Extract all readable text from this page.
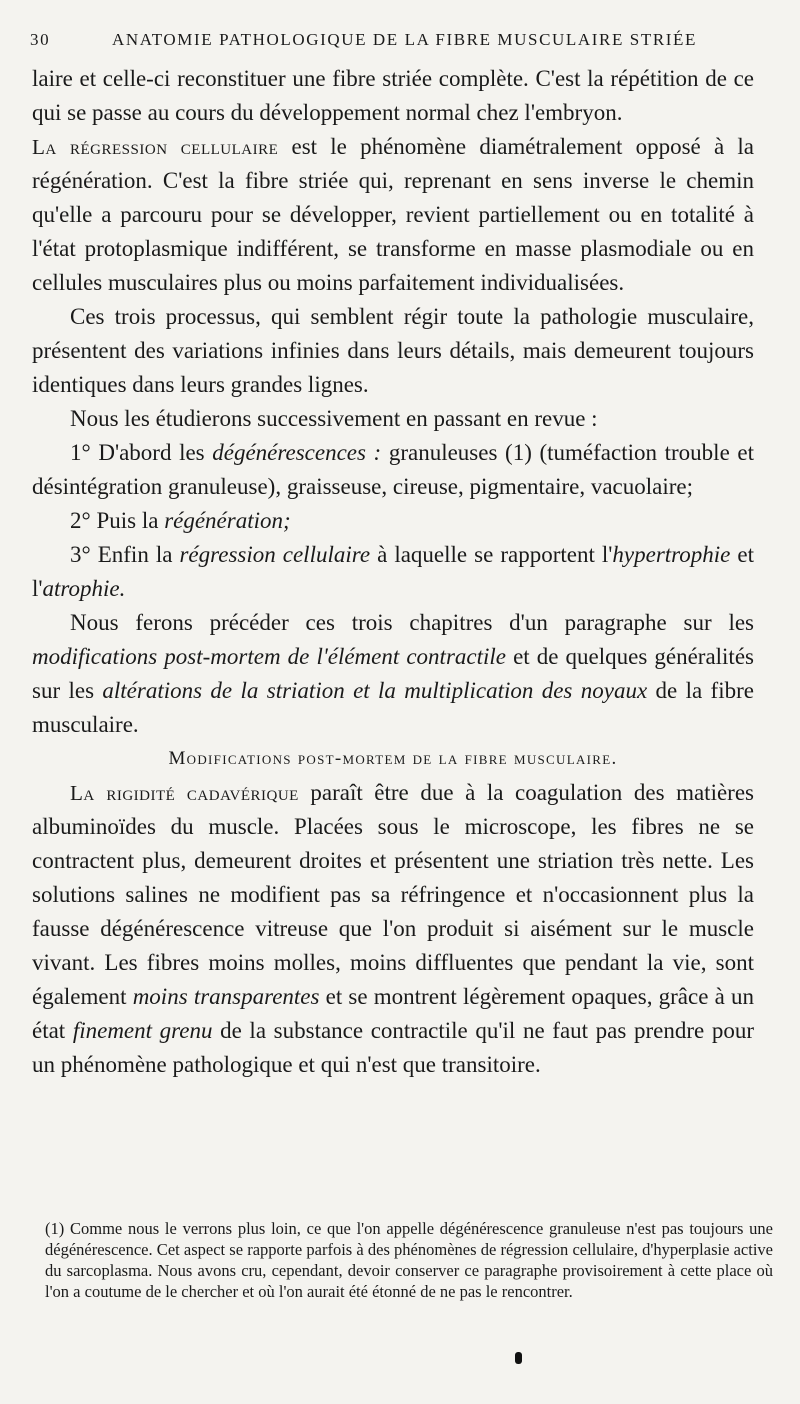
30	ANATOMIE PATHOLOGIQUE DE LA FIBRE MUSCULAIRE STRIÉE

laire et celle-ci reconstituer une fibre striée complète. C'est la répétition de ce qui se passe au cours du développement normal chez l'embryon.

La régression cellulaire est le phénomène diamétralement opposé à la régénération. C'est la fibre striée qui, reprenant en sens inverse le chemin qu'elle a parcouru pour se développer, revient partiellement ou en totalité à l'état protoplasmique indifférent, se transforme en masse plasmodiale ou en cellules musculaires plus ou moins parfaitement individualisées.

Ces trois processus, qui semblent régir toute la pathologie musculaire, présentent des variations infinies dans leurs détails, mais demeurent toujours identiques dans leurs grandes lignes.

Nous les étudierons successivement en passant en revue :

1° D'abord les dégénérescences : granuleuses (1) (tuméfaction trouble et désintégration granuleuse), graisseuse, cireuse, pigmentaire, vacuolaire;

2° Puis la régénération;

3° Enfin la régression cellulaire à laquelle se rapportent l'hypertrophie et l'atrophie.

Nous ferons précéder ces trois chapitres d'un paragraphe sur les modifications post-mortem de l'élément contractile et de quelques généralités sur les altérations de la striation et la multiplication des noyaux de la fibre musculaire.

Modifications post-mortem de la fibre musculaire.

La rigidité cadavérique paraît être due à la coagulation des matières albuminoïdes du muscle. Placées sous le microscope, les fibres ne se contractent plus, demeurent droites et présentent une striation très nette. Les solutions salines ne modifient pas sa réfringence et n'occasionnent plus la fausse dégénérescence vitreuse que l'on produit si aisément sur le muscle vivant. Les fibres moins molles, moins diffluentes que pendant la vie, sont également moins transparentes et se montrent légèrement opaques, grâce à un état finement grenu de la substance contractile qu'il ne faut pas prendre pour un phénomène pathologique et qui n'est que transitoire.

(1) Comme nous le verrons plus loin, ce que l'on appelle dégénérescence granuleuse n'est pas toujours une dégénérescence. Cet aspect se rapporte parfois à des phénomènes de régression cellulaire, d'hyperplasie active du sarcoplasma. Nous avons cru, cependant, devoir conserver ce paragraphe provisoirement à cette place où l'on a coutume de le chercher et où l'on aurait été étonné de ne pas le rencontrer.
